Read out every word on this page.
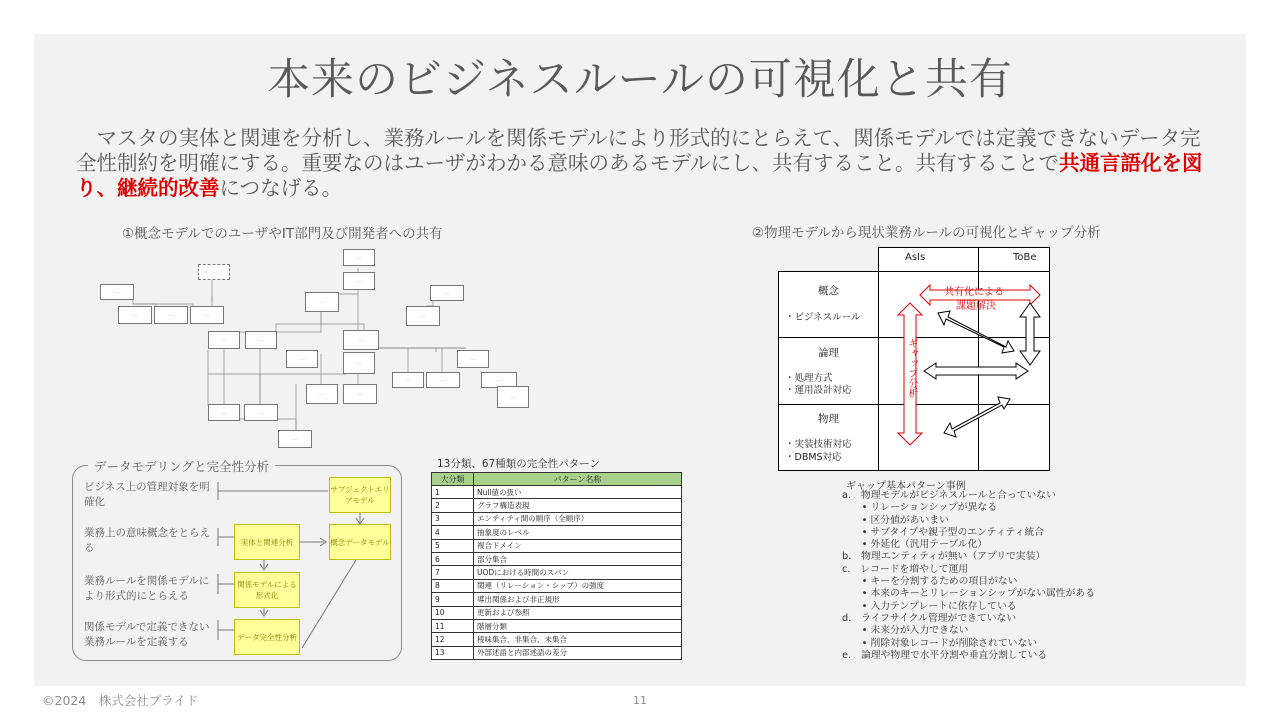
本来のビジネスルールの可視化と共有
　マスタの実体と関連を分析し、業務ルールを関係モデルにより形式的にとらえて、関係モデルでは定義できないデータ完全性制約を明確にする。重要なのはユーザがわかる意味のあるモデルにし、共有すること。共有することで共通言語化を図り、継続的改善につなげる。
①概念モデルでのユーザやIT部門及び開発者への共有	②物理モデルから現状業務ルールの可視化とギャップ分析
……
……
……
……	……
……	……	……
……
……
……	……	……
……
……
……
……	……	……
……	……
……
……	……
……
データモデリングと完全性分析
ビジネス上の管理対象を明確化
業務上の意味概念をとらえる
業務ルールを関係モデルにより形式的にとらえる
関係モデルで定義できない業務ルールを定義する
サブジェクトエリアモデル
概念データモデル
実体と関連分析
関係モデルによる形式化
データ完全性分析
13分類、67種類の完全性パターン
大分類	パターン名称
1	Null値の扱い
2	グラフ構造表現
3	エンティティ間の順序（全順序）
4	抽象度のレベル
5	複合ドメイン
6	部分集合
7	UODにおける時間のスパン
8	関連（リレーション・シップ）の強度
9	導出関係および非正規形
10	更新および参照
11	階層分類
12	稜味集合、非集合、未集合
13	外部述語と内部述語の差分
AsIs	ToBe
概念
・ビジネスルール
論理
・処理方式
・運用設計対応
物理
・実装技術対応
・DBMS対応
共有化による
課題解決
ギャップ分析
ギャップ基本パターン事例
a.　物理モデルがビジネスルールと合っていない
　　• リレーションシップが異なる
　　• 区分値があいまい
　　• サブタイプや親子型のエンティティ統合
　　• 外延化（汎用テーブル化）
b.　物理エンティティが無い（アプリで実装）
c.　レコードを増やして運用
　　• キーを分割するための項目がない
　　• 本来のキーとリレーションシップがない属性がある
　　• 入力テンプレートに依存している
d.　ライフサイクル管理ができていない
　　• 未来分が入力できない
　　• 削除対象レコードが削除されていない
e.　論理や物理で水平分割や垂直分割している
©2024　株式会社プライド	11
